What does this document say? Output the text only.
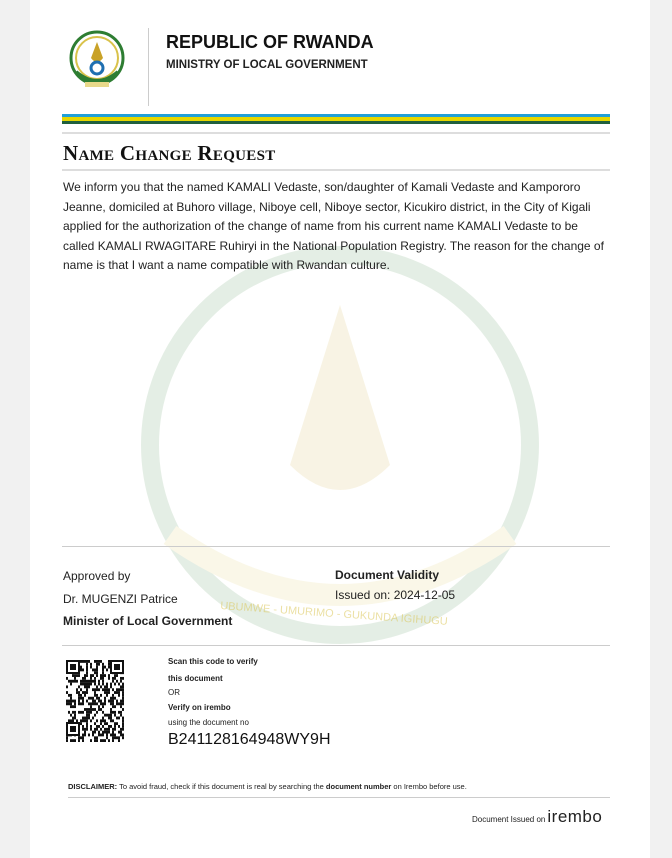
REPUBLIC OF RWANDA
MINISTRY OF LOCAL GOVERNMENT
Name Change Request
UBUMWE - UMURIMO - GUKUNDA IGIHUGU
We inform you that the named KAMALI Vedaste, son/daughter of Kamali Vedaste and Kampororo Jeanne, domiciled at Buhoro village, Niboye cell, Niboye sector, Kicukiro district, in the City of Kigali applied for the authorization of the change of name from his current name KAMALI Vedaste to be called KAMALI RWAGITARE Ruhiryi in the National Population Registry. The reason for the change of name is that I want a name compatible with Rwandan culture.
Approved by
Dr. MUGENZI Patrice
Minister of Local Government
Document Validity
Issued on: 2024-12-05
Scan this code to verify
this document
OR
Verify on irembo
using the document no
B241128164948WY9H
DISCLAIMER: To avoid fraud, check if this document is real by searching the document number on Irembo before use.
Document Issued on irembo
